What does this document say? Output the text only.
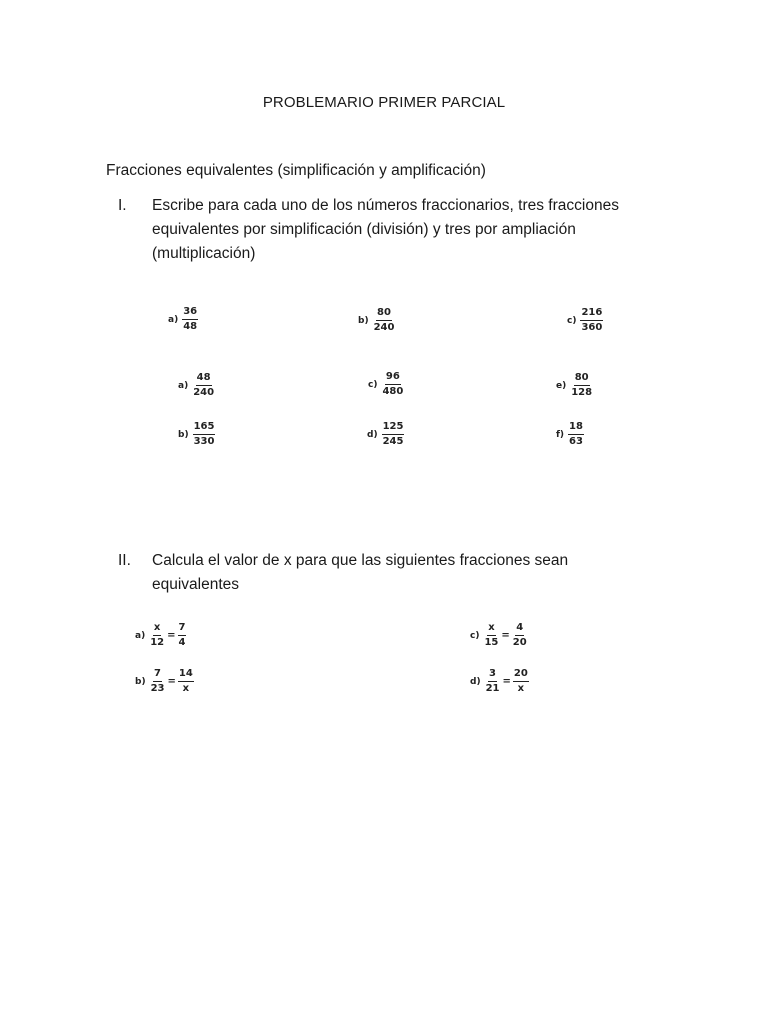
PROBLEMARIO PRIMER PARCIAL
Fracciones equivalentes (simplificación y amplificación)
I. Escribe para cada uno de los números fraccionarios, tres fracciones equivalentes por simplificación (división) y tres por ampliación (multiplicación)
$a) \frac{36}{48}$	$b) \frac{80}{240}$	$c) \frac{216}{360}$
$a) \frac{48}{240}$	$c) \frac{96}{480}$	$e) \frac{80}{128}$
$b) \frac{165}{330}$	$d) \frac{125}{245}$	$f) \frac{18}{63}$
II. Calcula el valor de x para que las siguientes fracciones sean equivalentes
$a) \frac{x}{12} = \frac{7}{4}$	$c) \frac{x}{15} = \frac{4}{20}$
$b) \frac{7}{23} = \frac{14}{x}$	$d) \frac{3}{21} = \frac{20}{x}$
